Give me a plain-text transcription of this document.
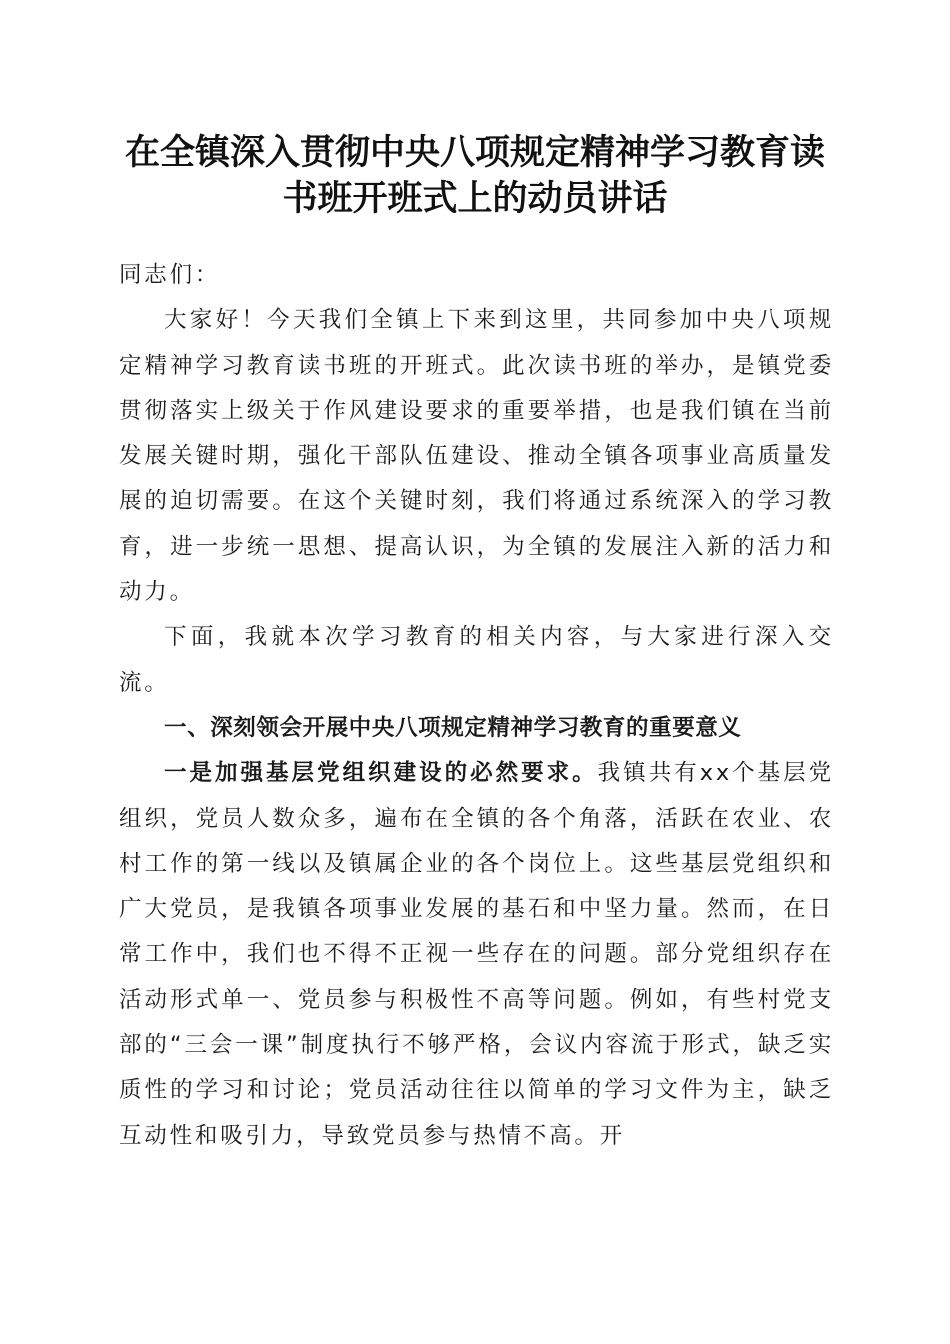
在全镇深入贯彻中央八项规定精神学习教育读
书班开班式上的动员讲话

同志们：

大家好！今天我们全镇上下来到这里，共同参加中央八项规定精神学习教育读书班的开班式。此次读书班的举办，是镇党委贯彻落实上级关于作风建设要求的重要举措，也是我们镇在当前发展关键时期，强化干部队伍建设、推动全镇各项事业高质量发展的迫切需要。在这个关键时刻，我们将通过系统深入的学习教育，进一步统一思想、提高认识，为全镇的发展注入新的活力和动力。

下面，我就本次学习教育的相关内容，与大家进行深入交流。

一、深刻领会开展中央八项规定精神学习教育的重要意义

一是加强基层党组织建设的必然要求。我镇共有xx个基层党组织，党员人数众多，遍布在全镇的各个角落，活跃在农业、农村工作的第一线以及镇属企业的各个岗位上。这些基层党组织和广大党员，是我镇各项事业发展的基石和中坚力量。然而，在日常工作中，我们也不得不正视一些存在的问题。部分党组织存在活动形式单一、党员参与积极性不高等问题。例如，有些村党支部的“三会一课”制度执行不够严格，会议内容流于形式，缺乏实质性的学习和讨论；党员活动往往以简单的学习文件为主，缺乏互动性和吸引力，导致党员参与热情不高。开
